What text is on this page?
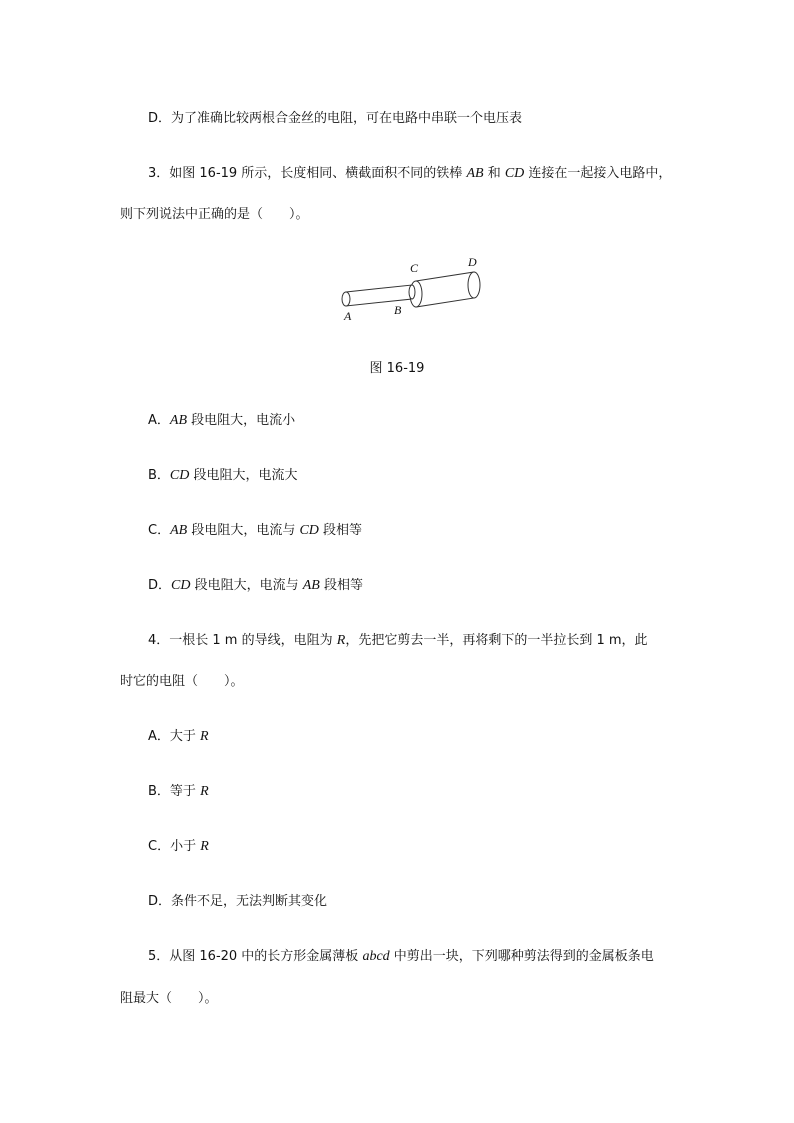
D．为了准确比较两根合金丝的电阻，可在电路中串联一个电压表
3．如图 16-19 所示，长度相同、横截面积不同的铁棒 AB 和 CD 连接在一起接入电路中，
则下列说法中正确的是（　　）。
A	B
C	D
图 16-19
A．AB 段电阻大，电流小
B．CD 段电阻大，电流大
C．AB 段电阻大，电流与 CD 段相等
D．CD 段电阻大，电流与 AB 段相等
4．一根长 1 m 的导线，电阻为 R，先把它剪去一半，再将剩下的一半拉长到 1 m，此
时它的电阻（　　）。
A．大于 R
B．等于 R
C．小于 R
D．条件不足，无法判断其变化
5．从图 16-20 中的长方形金属薄板 abcd 中剪出一块，下列哪种剪法得到的金属板条电
阻最大（　　）。
